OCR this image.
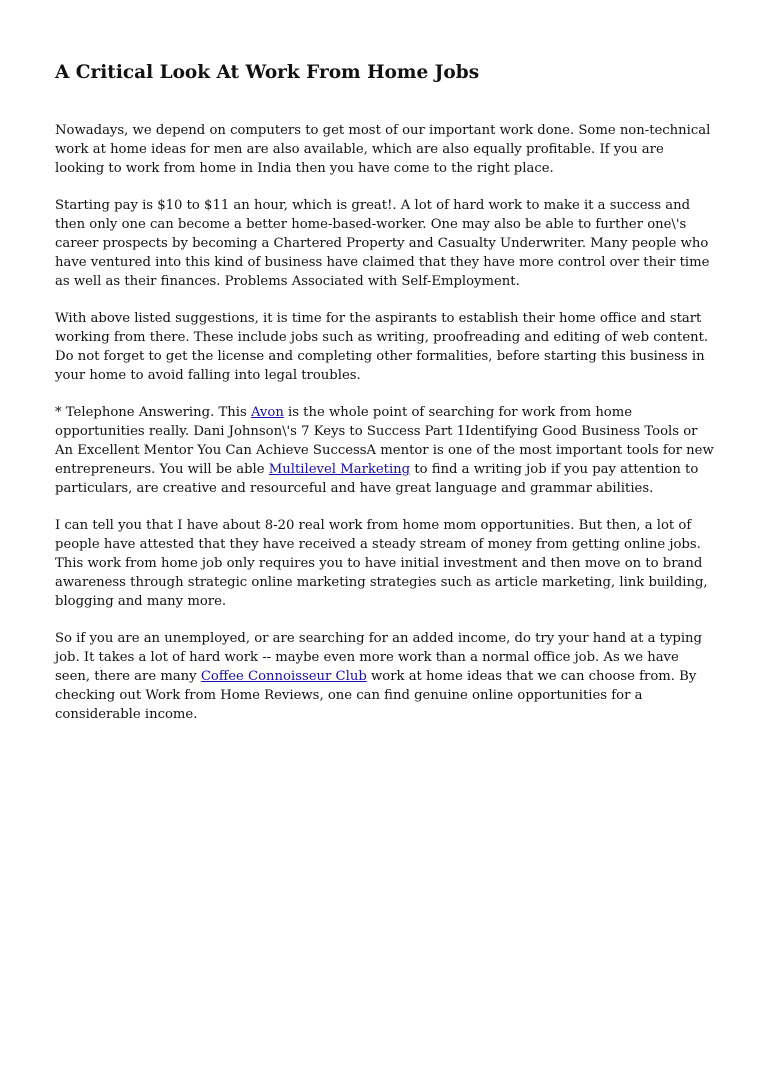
A Critical Look At Work From Home Jobs

Nowadays, we depend on computers to get most of our important work done. Some non-technical work at home ideas for men are also available, which are also equally profitable. If you are looking to work from home in India then you have come to the right place.

Starting pay is $10 to $11 an hour, which is great!. A lot of hard work to make it a success and then only one can become a better home-based-worker. One may also be able to further one\'s career prospects by becoming a Chartered Property and Casualty Underwriter. Many people who have ventured into this kind of business have claimed that they have more control over their time as well as their finances. Problems Associated with Self-Employment.

With above listed suggestions, it is time for the aspirants to establish their home office and start working from there. These include jobs such as writing, proofreading and editing of web content. Do not forget to get the license and completing other formalities, before starting this business in your home to avoid falling into legal troubles.

* Telephone Answering. This Avon is the whole point of searching for work from home opportunities really. Dani Johnson\'s 7 Keys to Success Part 1Identifying Good Business Tools or An Excellent Mentor You Can Achieve SuccessA mentor is one of the most important tools for new entrepreneurs. You will be able Multilevel Marketing to find a writing job if you pay attention to particulars, are creative and resourceful and have great language and grammar abilities.

I can tell you that I have about 8-20 real work from home mom opportunities. But then, a lot of people have attested that they have received a steady stream of money from getting online jobs. This work from home job only requires you to have initial investment and then move on to brand awareness through strategic online marketing strategies such as article marketing, link building, blogging and many more.

So if you are an unemployed, or are searching for an added income, do try your hand at a typing job. It takes a lot of hard work -- maybe even more work than a normal office job. As we have seen, there are many Coffee Connoisseur Club work at home ideas that we can choose from. By checking out Work from Home Reviews, one can find genuine online opportunities for a considerable income.
